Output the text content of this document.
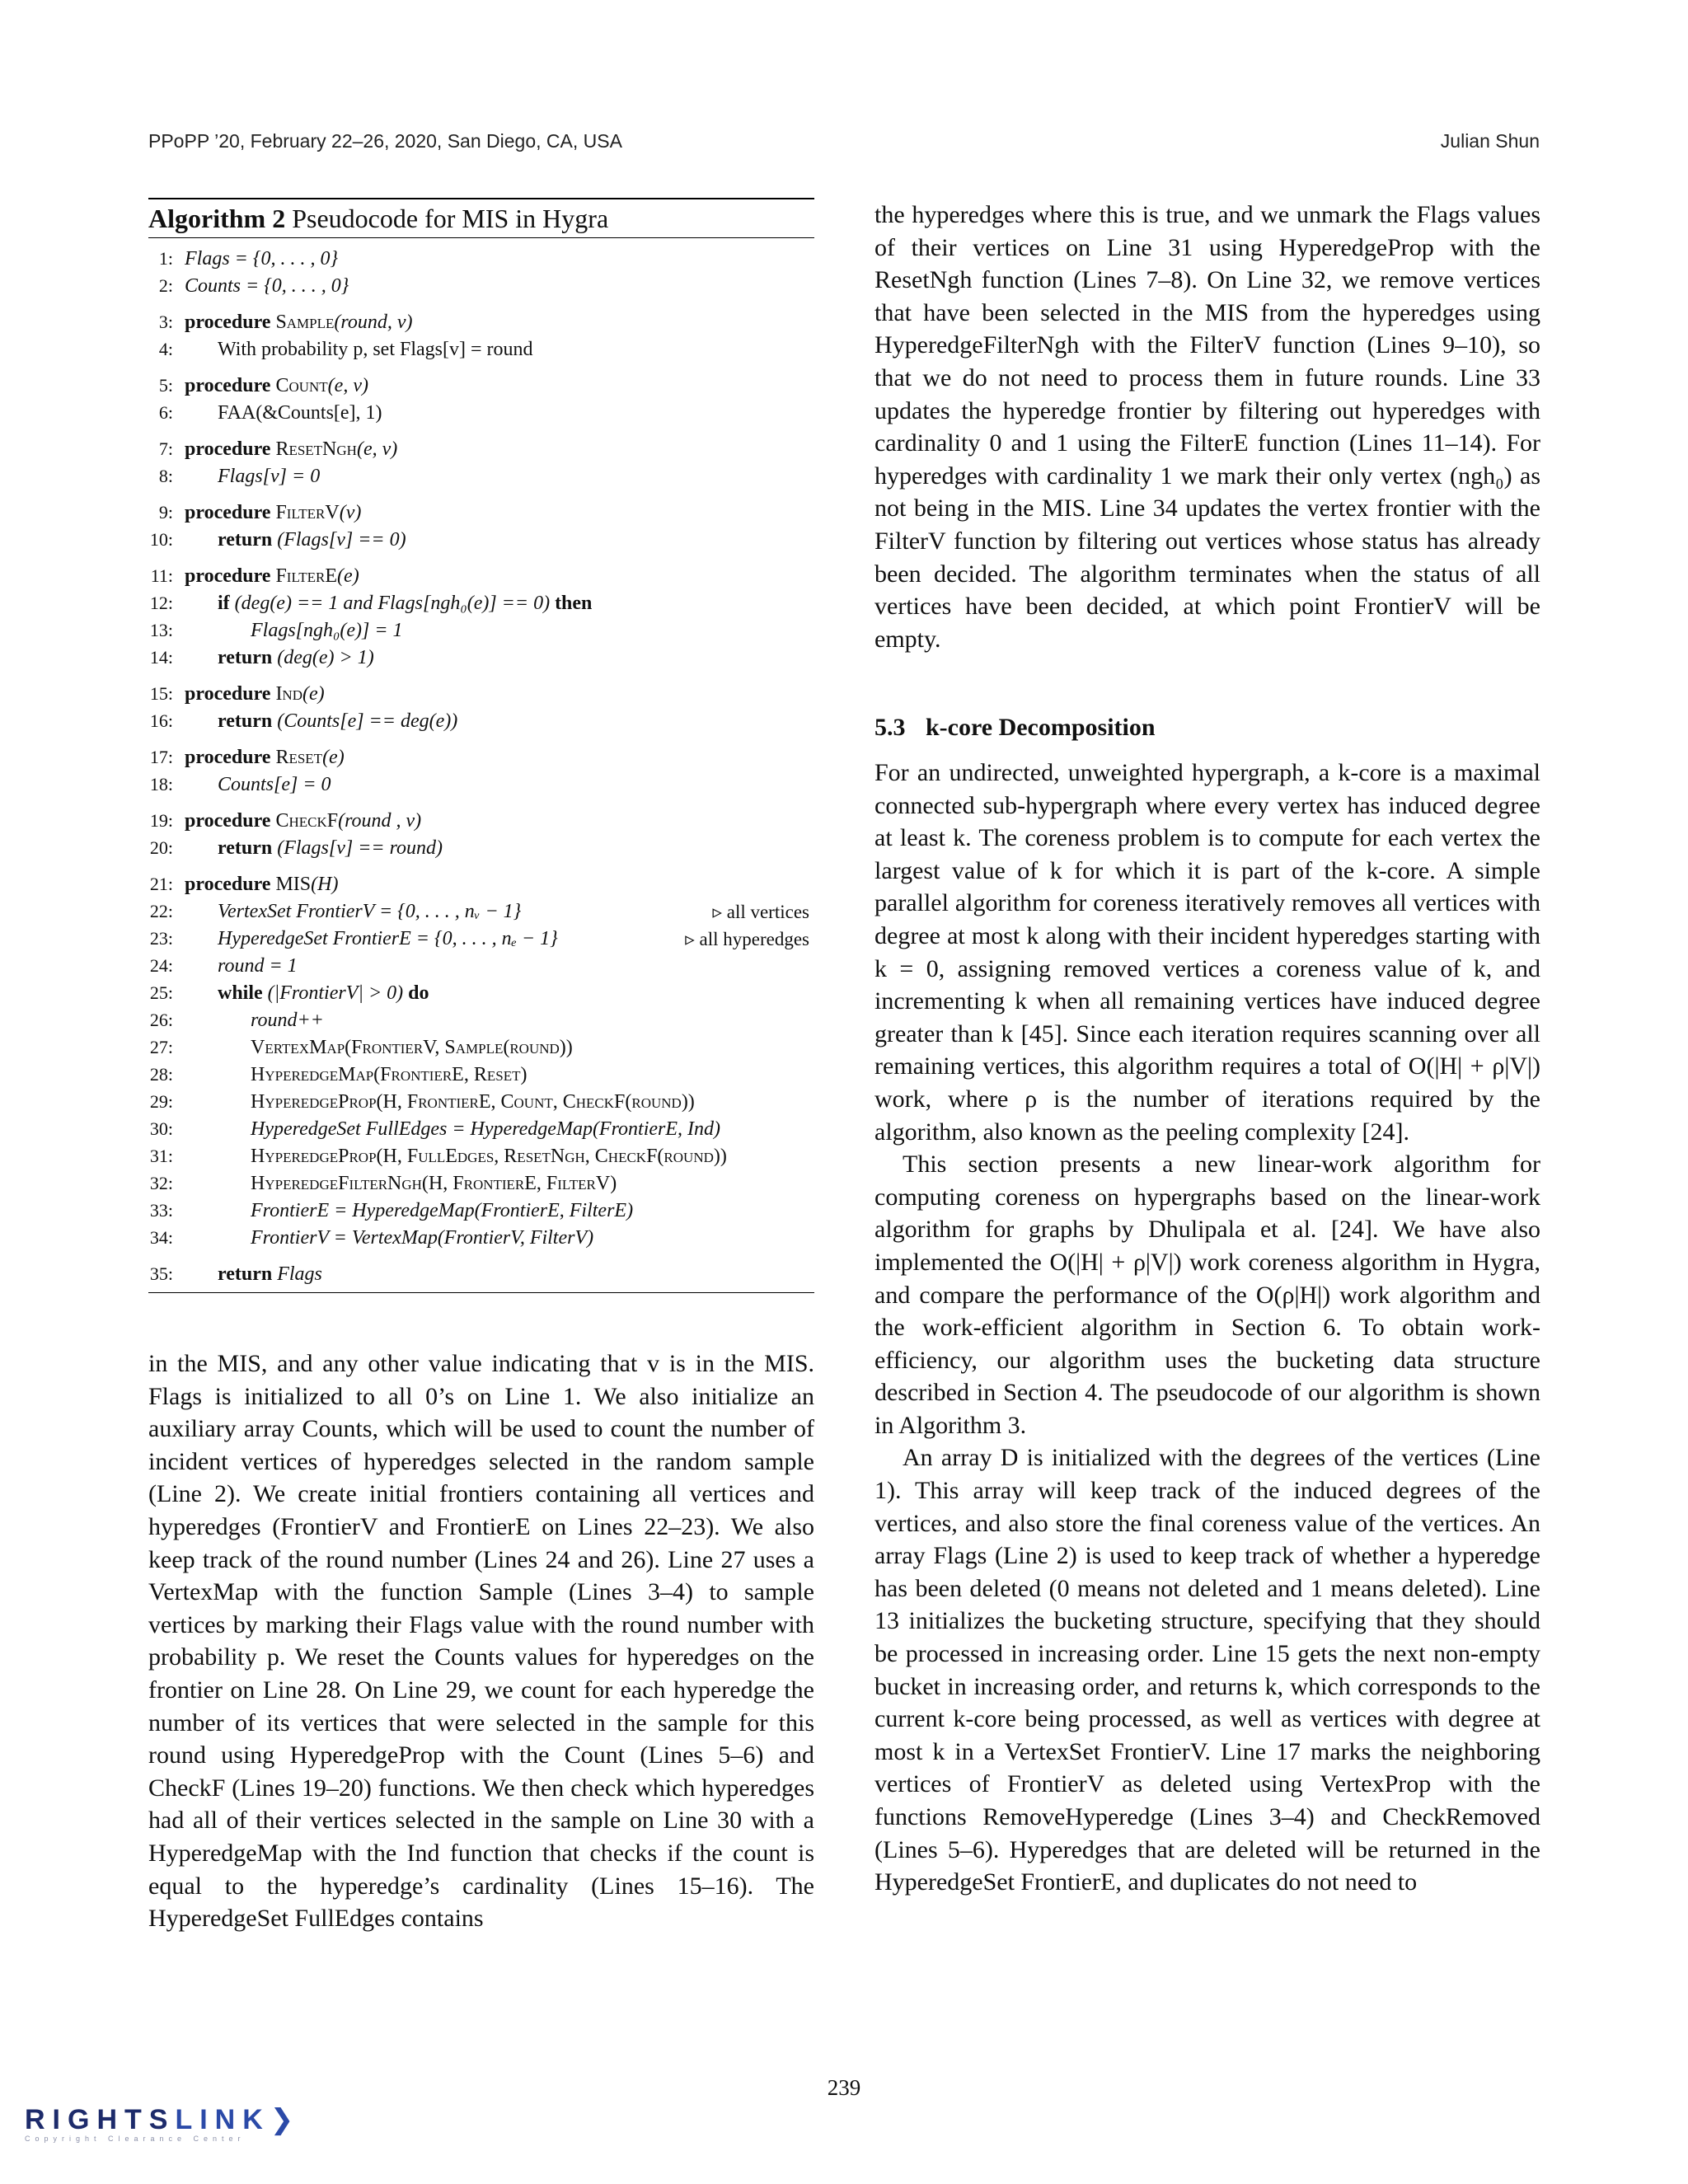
PPoPP ’20, February 22–26, 2020, San Diego, CA, USA	Julian Shun
Algorithm 2 Pseudocode for MIS in Hygra
1: Flags = {0, . . . , 0}
2: Counts = {0, . . . , 0}
3: procedure Sample(round, v)
4:	With probability p, set Flags[v] = round
5: procedure Count(e, v)
6:	FAA(&Counts[e], 1)
7: procedure ResetNgh(e, v)
8:	Flags[v] = 0
9: procedure FilterV(v)
10:	return (Flags[v] == 0)
11: procedure FilterE(e)
12:	if (deg(e) == 1 and Flags[ngh₀(e)] == 0) then
13:	Flags[ngh₀(e)] = 1
14:	return (deg(e) > 1)
15: procedure Ind(e)
16:	return (Counts[e] == deg(e))
17: procedure Reset(e)
18:	Counts[e] = 0
19: procedure CheckF(round , v)
20:	return (Flags[v] == round)
21: procedure MIS(H)
22:	VertexSet FrontierV = {0, . . . , nᵥ − 1}	▹ all vertices
23:	HyperedgeSet FrontierE = {0, . . . , nₑ − 1}	▹ all hyperedges
24:	round = 1
25:	while (|FrontierV| > 0) do
26:	round++
27:	VertexMap(FrontierV, Sample(round))
28:	HyperedgeMap(FrontierE, Reset)
29:	HyperedgeProp(H, FrontierE, Count, CheckF(round))
30:	HyperedgeSet FullEdges = HyperedgeMap(FrontierE, Ind)
31:	HyperedgeProp(H, FullEdges, ResetNgh, CheckF(round))
32:	HyperedgeFilterNgh(H, FrontierE, FilterV)
33:	FrontierE = HyperedgeMap(FrontierE, FilterE)
34:	FrontierV = VertexMap(FrontierV, FilterV)
35:	return Flags

in the MIS, and any other value indicating that v is in the MIS. Flags is initialized to all 0’s on Line 1. We also initialize an auxiliary array Counts, which will be used to count the number of incident vertices of hyperedges selected in the random sample (Line 2). We create initial frontiers containing all vertices and hyperedges (FrontierV and FrontierE on Lines 22–23). We also keep track of the round number (Lines 24 and 26). Line 27 uses a VertexMap with the function Sample (Lines 3–4) to sample vertices by marking their Flags value with the round number with probability p. We reset the Counts values for hyperedges on the frontier on Line 28. On Line 29, we count for each hyperedge the number of its vertices that were selected in the sample for this round using HyperedgeProp with the Count (Lines 5–6) and CheckF (Lines 19–20) functions. We then check which hyperedges had all of their vertices selected in the sample on Line 30 with a HyperedgeMap with the Ind function that checks if the count is equal to the hyperedge’s cardinality (Lines 15–16). The HyperedgeSet FullEdges contains

the hyperedges where this is true, and we unmark the Flags values of their vertices on Line 31 using HyperedgeProp with the ResetNgh function (Lines 7–8). On Line 32, we remove vertices that have been selected in the MIS from the hyperedges using HyperedgeFilterNgh with the FilterV function (Lines 9–10), so that we do not need to process them in future rounds. Line 33 updates the hyperedge frontier by filtering out hyperedges with cardinality 0 and 1 using the FilterE function (Lines 11–14). For hyperedges with cardinality 1 we mark their only vertex (ngh₀) as not being in the MIS. Line 34 updates the vertex frontier with the FilterV function by filtering out vertices whose status has already been decided. The algorithm terminates when the status of all vertices have been decided, at which point FrontierV will be empty.

5.3 k-core Decomposition

For an undirected, unweighted hypergraph, a k-core is a maximal connected sub-hypergraph where every vertex has induced degree at least k. The coreness problem is to compute for each vertex the largest value of k for which it is part of the k-core. A simple parallel algorithm for coreness iteratively removes all vertices with degree at most k along with their incident hyperedges starting with k = 0, assigning removed vertices a coreness value of k, and incrementing k when all remaining vertices have induced degree greater than k [45]. Since each iteration requires scanning over all remaining vertices, this algorithm requires a total of O(|H| + ρ|V|) work, where ρ is the number of iterations required by the algorithm, also known as the peeling complexity [24].

This section presents a new linear-work algorithm for computing coreness on hypergraphs based on the linear-work algorithm for graphs by Dhulipala et al. [24]. We have also implemented the O(|H| + ρ|V|) work coreness algorithm in Hygra, and compare the performance of the O(ρ|H|) work algorithm and the work-efficient algorithm in Section 6. To obtain work-efficiency, our algorithm uses the bucketing data structure described in Section 4. The pseudocode of our algorithm is shown in Algorithm 3.

An array D is initialized with the degrees of the vertices (Line 1). This array will keep track of the induced degrees of the vertices, and also store the final coreness value of the vertices. An array Flags (Line 2) is used to keep track of whether a hyperedge has been deleted (0 means not deleted and 1 means deleted). Line 13 initializes the bucketing structure, specifying that they should be processed in increasing order. Line 15 gets the next non-empty bucket in increasing order, and returns k, which corresponds to the current k-core being processed, as well as vertices with degree at most k in a VertexSet FrontierV. Line 17 marks the neighboring vertices of FrontierV as deleted using VertexProp with the functions RemoveHyperedge (Lines 3–4) and CheckRemoved (Lines 5–6). Hyperedges that are deleted will be returned in the HyperedgeSet FrontierE, and duplicates do not need to

239
RIGHTSLINK❯
Copyright Clearance Center
